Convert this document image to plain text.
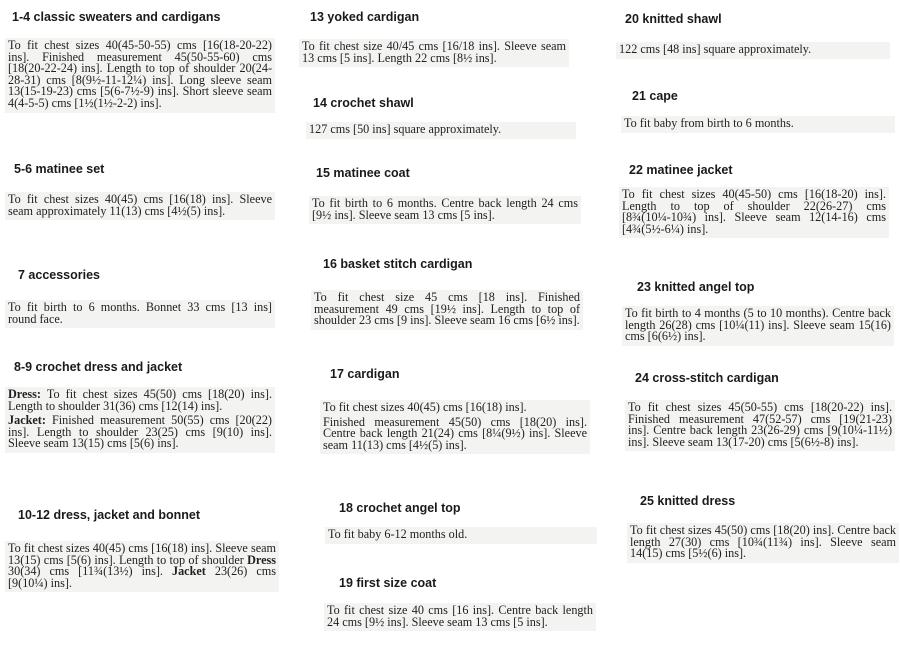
1-4 classic sweaters and cardigans

To fit chest sizes 40(45-50-55) cms [16(18-20-22) ins]. Finished measurement 45(50-55-60) cms [18(20-22-24) ins]. Length to top of shoulder 20(24-28-31) cms [8(9½-11-12¼) ins]. Long sleeve seam 13(15-19-23) cms [5(6-7½-9) ins]. Short sleeve seam 4(4-5-5) cms [1½(1½-2-2) ins].

5-6 matinee set

To fit chest sizes 40(45) cms [16(18) ins]. Sleeve seam approximately 11(13) cms [4½(5) ins].

7 accessories

To fit birth to 6 months. Bonnet 33 cms [13 ins] round face.

8-9 crochet dress and jacket

Dress: To fit chest sizes 45(50) cms [18(20) ins]. Length to shoulder 31(36) cms [12(14) ins].

Jacket: Finished measurement 50(55) cms [20(22) ins]. Length to shoulder 23(25) cms [9(10) ins]. Sleeve seam 13(15) cms [5(6) ins].

10-12 dress, jacket and bonnet

To fit chest sizes 40(45) cms [16(18) ins]. Sleeve seam 13(15) cms [5(6) ins]. Length to top of shoulder Dress 30(34) cms [11¾(13½) ins]. Jacket 23(26) cms [9(10¼) ins].

13 yoked cardigan

To fit chest size 40/45 cms [16/18 ins]. Sleeve seam 13 cms [5 ins]. Length 22 cms [8½ ins].

14 crochet shawl

127 cms [50 ins] square approximately.

15 matinee coat

To fit birth to 6 months. Centre back length 24 cms [9½ ins]. Sleeve seam 13 cms [5 ins].

16 basket stitch cardigan

To fit chest size 45 cms [18 ins]. Finished measurement 49 cms [19½ ins]. Length to top of shoulder 23 cms [9 ins]. Sleeve seam 16 cms [6½ ins].

17 cardigan

To fit chest sizes 40(45) cms [16(18) ins].

Finished measurement 45(50) cms [18(20) ins]. Centre back length 21(24) cms [8¼(9½) ins]. Sleeve seam 11(13) cms [4½(5) ins].

18 crochet angel top

To fit baby 6-12 months old.

19 first size coat

To fit chest size 40 cms [16 ins]. Centre back length 24 cms [9½ ins]. Sleeve seam 13 cms [5 ins].

20 knitted shawl

122 cms [48 ins] square approximately.

21 cape

To fit baby from birth to 6 months.

22 matinee jacket

To fit chest sizes 40(45-50) cms [16(18-20) ins]. Length to top of shoulder 22(26-27) cms [8¾(10¼-10¾) ins]. Sleeve seam 12(14-16) cms [4¾(5½-6¼) ins].

23 knitted angel top

To fit birth to 4 months (5 to 10 months). Centre back length 26(28) cms [10¼(11) ins]. Sleeve seam 15(16) cms [6(6½) ins].

24 cross-stitch cardigan

To fit chest sizes 45(50-55) cms [18(20-22) ins]. Finished measurement 47(52-57) cms [19(21-23) ins]. Centre back length 23(26-29) cms [9(10¼-11½) ins]. Sleeve seam 13(17-20) cms [5(6½-8) ins].

25 knitted dress

To fit chest sizes 45(50) cms [18(20) ins]. Centre back length 27(30) cms [10¾(11¾) ins]. Sleeve seam 14(15) cms [5½(6) ins].
